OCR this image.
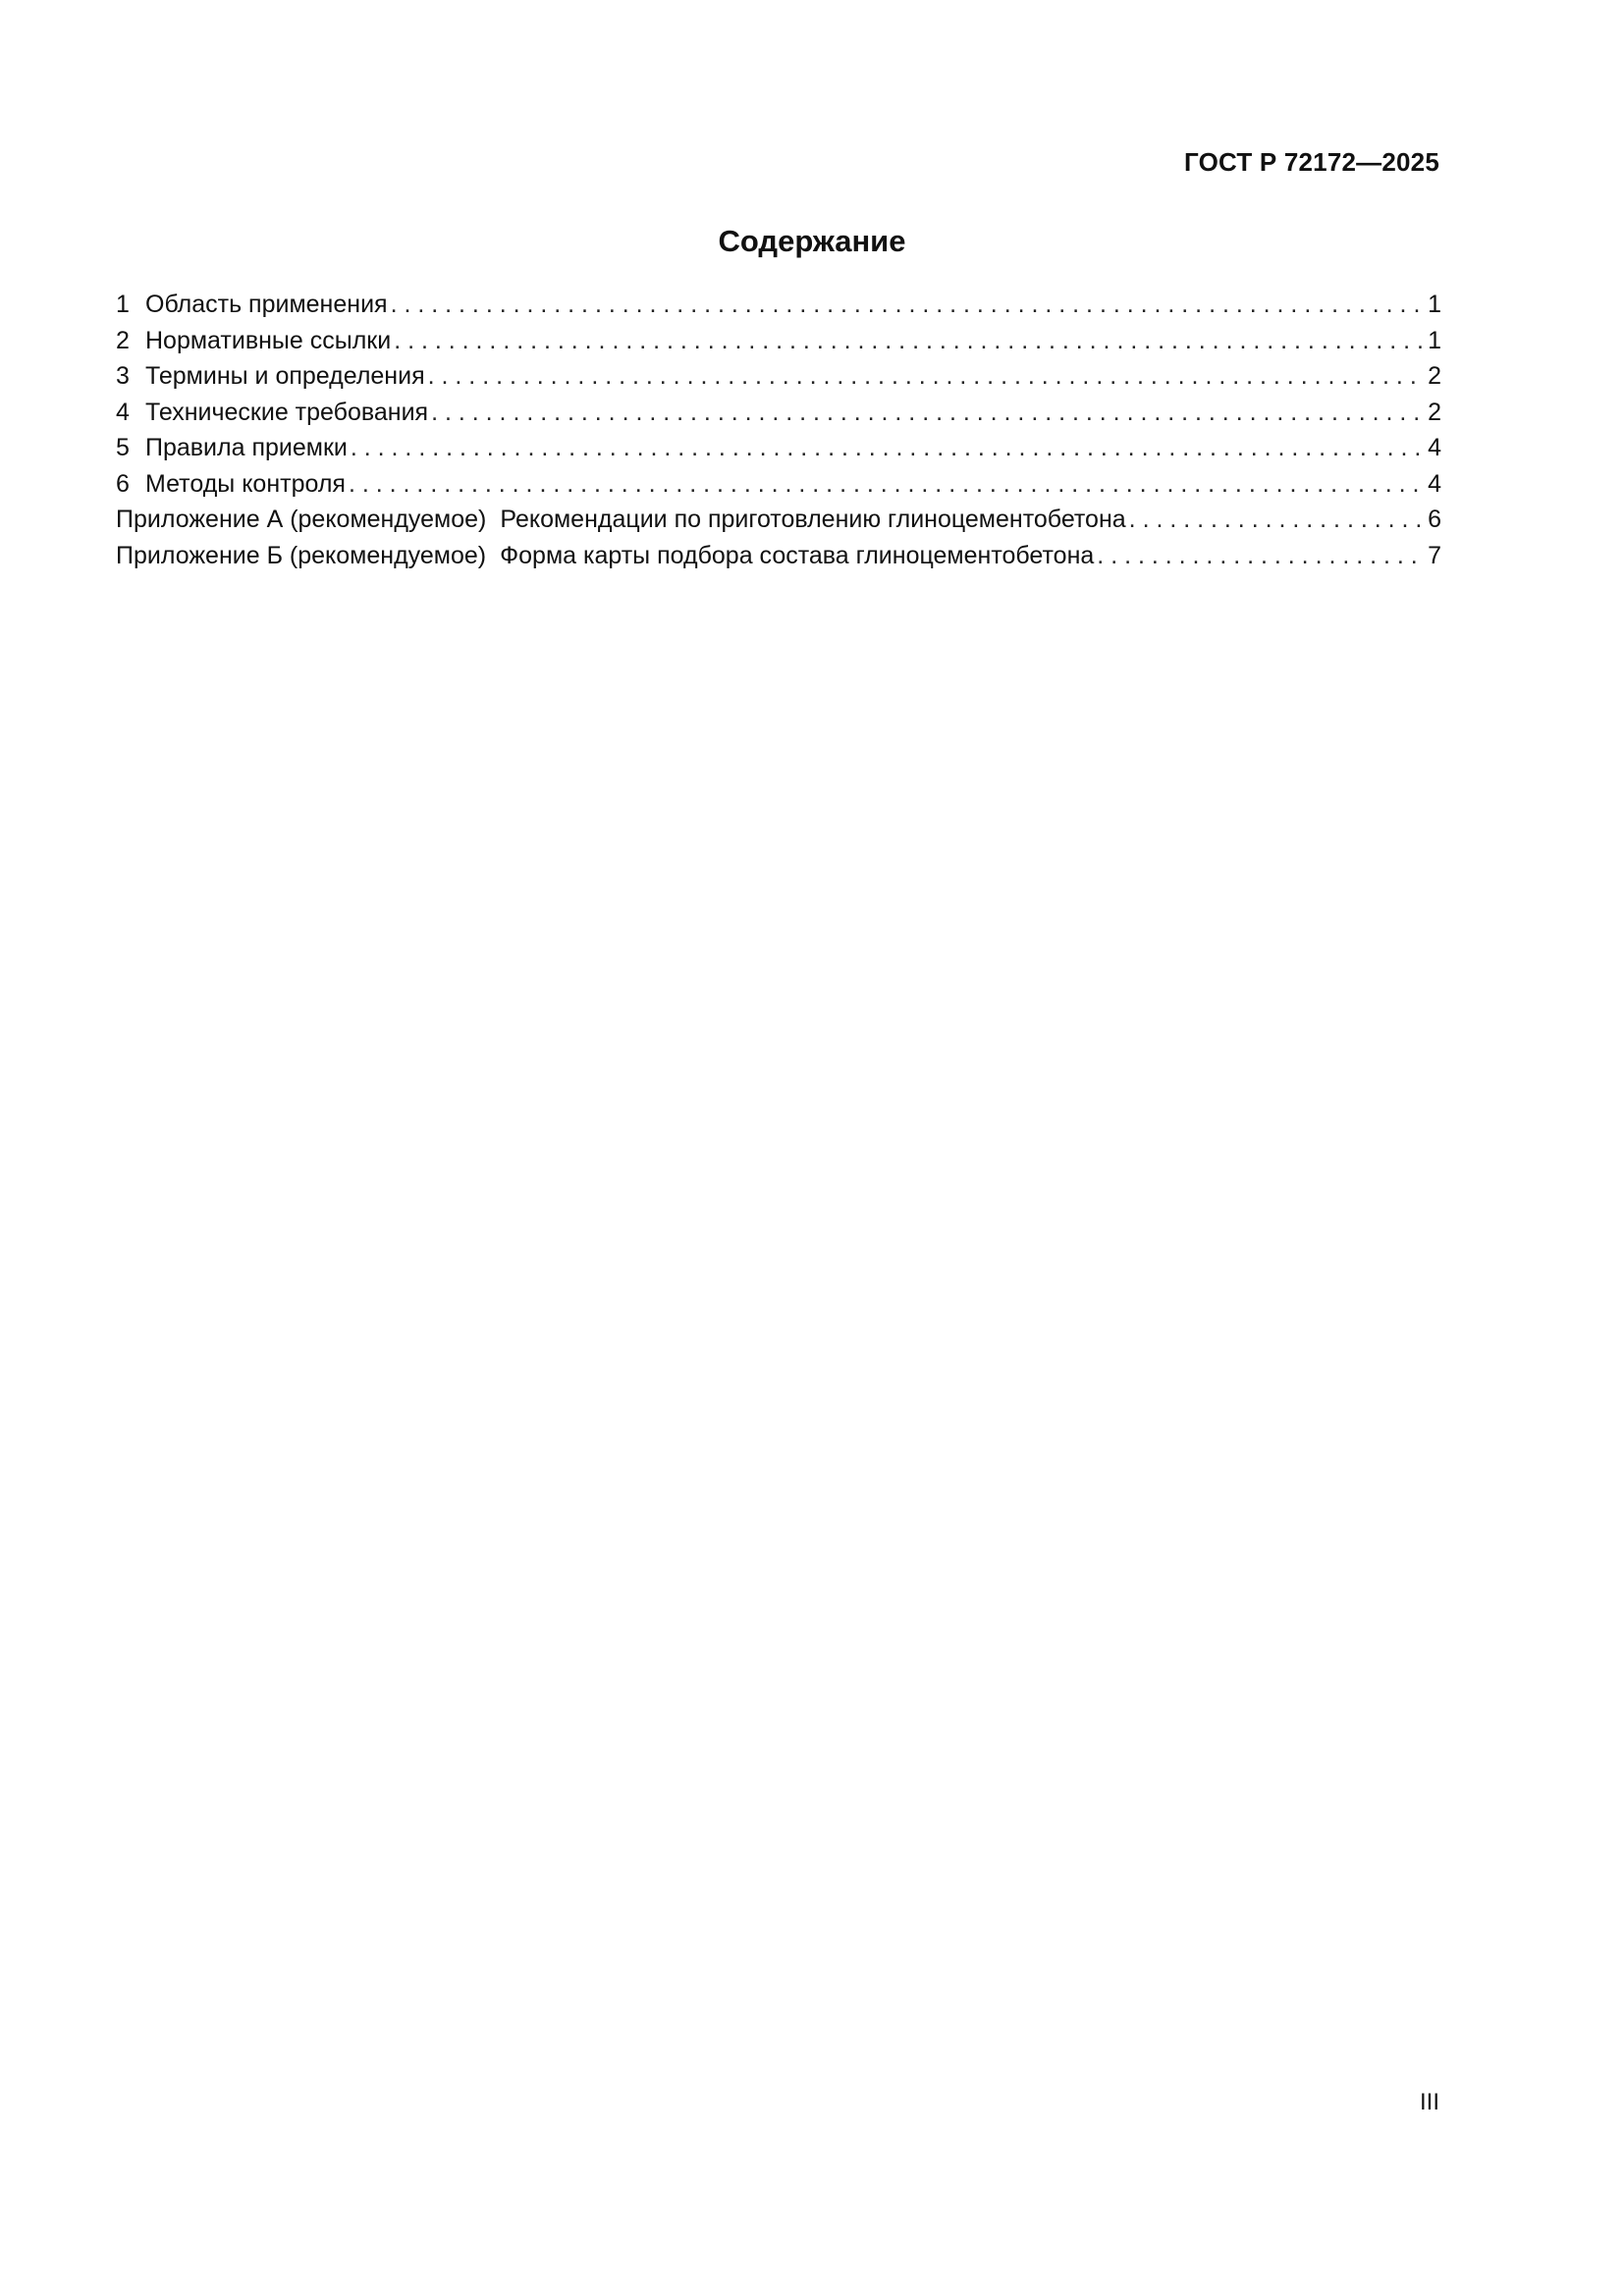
ГОСТ Р 72172—2025
Содержание
1 Область применения . . .	1
2 Нормативные ссылки . . .	1
3 Термины и определения . . .	2
4 Технические требования . . .	2
5 Правила приемки . . .	4
6 Методы контроля . . .	4
Приложение А (рекомендуемое) Рекомендации по приготовлению глиноцементобетона . . .	6
Приложение Б (рекомендуемое) Форма карты подбора состава глиноцементобетона . . .	7
III
